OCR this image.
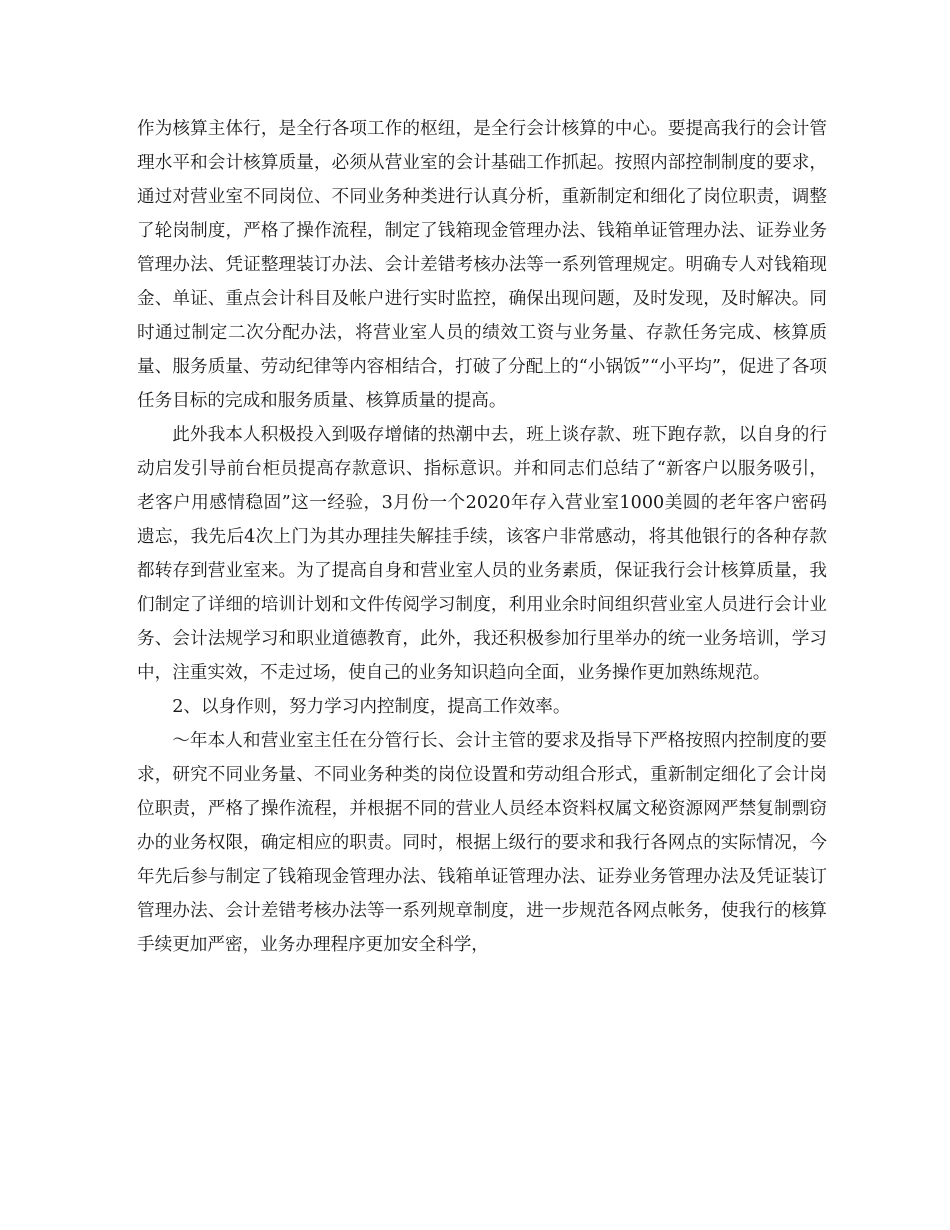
作为核算主体行，是全行各项工作的枢纽，是全行会计核算的中心。要提高我行的会计管理水平和会计核算质量，必须从营业室的会计基础工作抓起。按照内部控制制度的要求，通过对营业室不同岗位、不同业务种类进行认真分析，重新制定和细化了岗位职责，调整了轮岗制度，严格了操作流程，制定了钱箱现金管理办法、钱箱单证管理办法、证券业务管理办法、凭证整理装订办法、会计差错考核办法等一系列管理规定。明确专人对钱箱现金、单证、重点会计科目及帐户进行实时监控，确保出现问题，及时发现，及时解决。同时通过制定二次分配办法，将营业室人员的绩效工资与业务量、存款任务完成、核算质量、服务质量、劳动纪律等内容相结合，打破了分配上的“小锅饭”“小平均”，促进了各项任务目标的完成和服务质量、核算质量的提高。

此外我本人积极投入到吸存增储的热潮中去，班上谈存款、班下跑存款，以自身的行动启发引导前台柜员提高存款意识、指标意识。并和同志们总结了“新客户以服务吸引，老客户用感情稳固”这一经验，3月份一个2020年存入营业室1000美圆的老年客户密码遗忘，我先后4次上门为其办理挂失解挂手续，该客户非常感动，将其他银行的各种存款都转存到营业室来。为了提高自身和营业室人员的业务素质，保证我行会计核算质量，我们制定了详细的培训计划和文件传阅学习制度，利用业余时间组织营业室人员进行会计业务、会计法规学习和职业道德教育，此外，我还积极参加行里举办的统一业务培训，学习中，注重实效，不走过场，使自己的业务知识趋向全面，业务操作更加熟练规范。

2、以身作则，努力学习内控制度，提高工作效率。

～年本人和营业室主任在分管行长、会计主管的要求及指导下严格按照内控制度的要求，研究不同业务量、不同业务种类的岗位设置和劳动组合形式，重新制定细化了会计岗位职责，严格了操作流程，并根据不同的营业人员经本资料权属文秘资源网严禁复制剽窃办的业务权限，确定相应的职责。同时，根据上级行的要求和我行各网点的实际情况，今年先后参与制定了钱箱现金管理办法、钱箱单证管理办法、证券业务管理办法及凭证装订管理办法、会计差错考核办法等一系列规章制度，进一步规范各网点帐务，使我行的核算手续更加严密，业务办理程序更加安全科学，
